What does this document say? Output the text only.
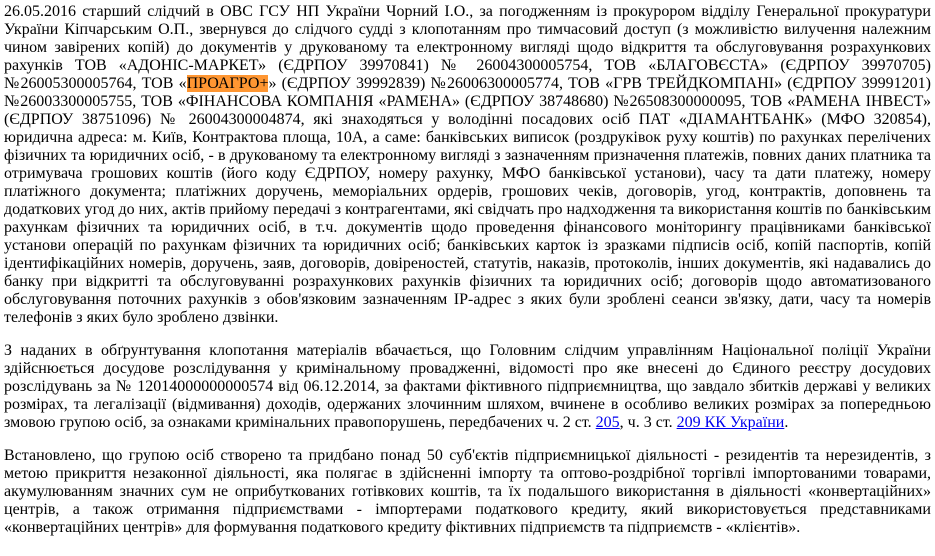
26.05.2016 старший слідчий в ОВС ГСУ НП України Чорний І.О., за погодженням із прокурором відділу Генеральної прокуратури України Кіпчарським О.П., звернувся до слідчого судді з клопотанням про тимчасовий доступ (з можливістю вилучення належним чином завірених копій) до документів у друкованому та електронному вигляді щодо відкриття та обслуговування розрахункових рахунків ТОВ «АДОНІС-МАРКЕТ» (ЄДРПОУ 39970841) № 26004300005754, ТОВ «БЛАГОВЄСТА» (ЄДРПОУ 39970705) №26005300005764, ТОВ «ПРОАГРО+» (ЄДРПОУ 39992839) №26006300005774, ТОВ «ГРВ ТРЕЙДКОМПАНІ» (ЄДРПОУ 39991201) №26003300005755, ТОВ «ФІНАНСОВА КОМПАНІЯ «РАМЕНА» (ЄДРПОУ 38748680) №26508300000095, ТОВ «РАМЕНА ІНВЕСТ» (ЄДРПОУ 38751096) № 26004300004874, які знаходяться у володінні посадових осіб ПАТ «ДІАМАНТБАНК» (МФО 320854), юридична адреса: м. Київ, Контрактова площа, 10А, а саме: банківських виписок (роздруківок руху коштів) по рахунках перелічених фізичних та юридичних осіб, - в друкованому та електронному вигляді з зазначенням призначення платежів, повних даних платника та отримувача грошових коштів (його коду ЄДРПОУ, номеру рахунку, МФО банківської установи), часу та дати платежу, номеру платіжного документа; платіжних доручень, меморіальних ордерів, грошових чеків, договорів, угод, контрактів, доповнень та додаткових угод до них, актів прийому передачі з контрагентами, які свідчать про надходження та використання коштів по банківським рахункам фізичних та юридичних осіб, в т.ч. документів щодо проведення фінансового моніторингу працівниками банківської установи операцій по рахункам фізичних та юридичних осіб; банківських карток із зразками підписів осіб, копій паспортів, копій ідентифікаційних номерів, доручень, заяв, договорів, довіреностей, статутів, наказів, протоколів, інших документів, які надавались до банку при відкритті та обслуговуванні розрахункових рахунків фізичних та юридичних осіб; договорів щодо автоматизованого обслуговування поточних рахунків з обов'язковим зазначенням IP-адрес з яких були зроблені сеанси зв'язку, дати, часу та номерів телефонів з яких було зроблено дзвінки.

З наданих в обґрунтування клопотання матеріалів вбачається, що Головним слідчим управлінням Національної поліції України здійснюється досудове розслідування у кримінальному провадженні, відомості про яке внесені до Єдиного реєстру досудових розслідувань за № 12014000000000574 від 06.12.2014, за фактами фіктивного підприємництва, що завдало збитків державі у великих розмірах, та легалізації (відмивання) доходів, одержаних злочинним шляхом, вчинене в особливо великих розмірах за попередньою змовою групою осіб, за ознаками кримінальних правопорушень, передбачених ч. 2 ст. 205, ч. 3 ст. 209 КК України.

Встановлено, що групою осіб створено та придбано понад 50 суб'єктів підприємницької діяльності - резидентів та нерезидентів, з метою прикриття незаконної діяльності, яка полягає в здійсненні імпорту та оптово-роздрібної торгівлі імпортованими товарами, акумулюванням значних сум не оприбуткованих готівкових коштів, та їх подальшого використання в діяльності «конвертаційних» центрів, а також отримання підприємствами - імпортерами податкового кредиту, який використовується представниками «конвертаційних центрів» для формування податкового кредиту фіктивних підприємств та підприємств - «клієнтів».
